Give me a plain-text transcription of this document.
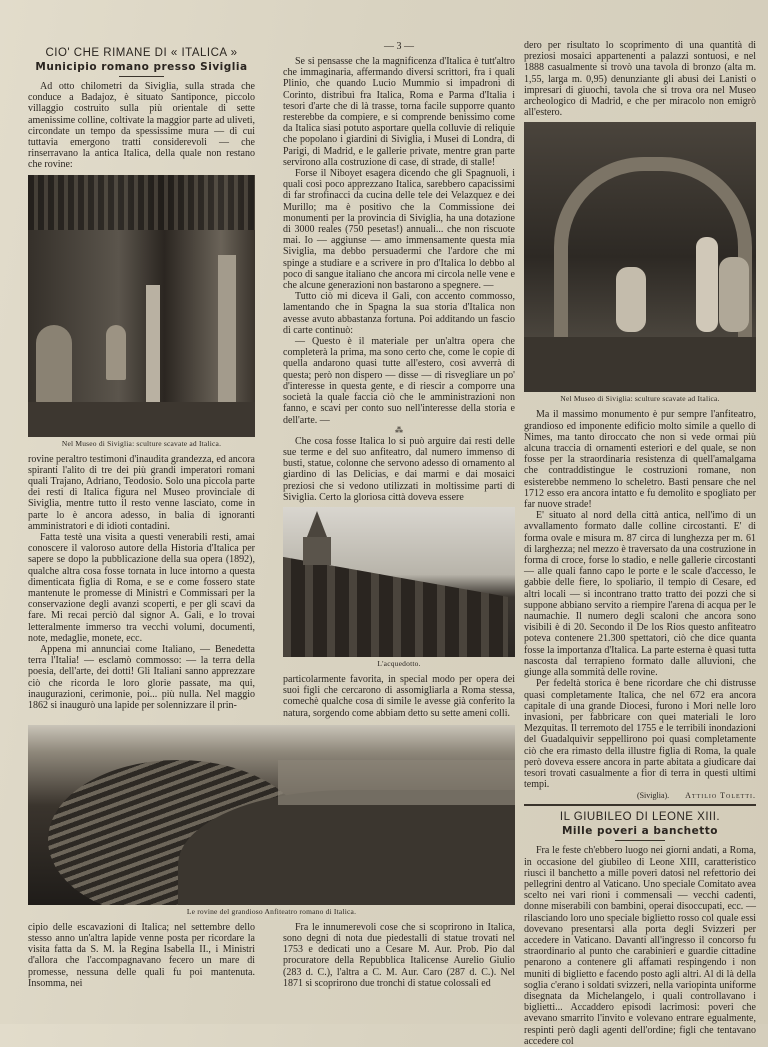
CIO' CHE RIMANE DI « ITALICA »
Municipio romano presso Siviglia

Ad otto chilometri da Siviglia, sulla strada che conduce a Badajoz, è situato Santiponce, piccolo villaggio costruito sulla più orientale di sette amenissime colline, coltivate la maggior parte ad uliveti, circondate un tempo da spessissime mura — di cui tuttavia emergono tratti considerevoli — che rinserravano la antica Italica, della quale non restano che rovine:

Nel Museo di Siviglia: sculture scavate ad Italica.

rovine peraltro testimoni d'inaudita grandezza, ed ancora spiranti l'alito di tre dei più grandi imperatori romani quali Trajano, Adriano, Teodosio. Solo una piccola parte dei resti di Italica figura nel Museo provinciale di Siviglia, mentre tutto il resto venne lasciato, come in parte lo è ancora adesso, in balia di ignoranti amministratori e di idioti contadini.

Fatta testè una visita a questi venerabili resti, amai conoscere il valoroso autore della Historia d'Italica per sapere se dopo la pubblicazione della sua opera (1892), qualche altra cosa fosse tornata in luce intorno a questa dimenticata figlia di Roma, e se e come fossero state mantenute le promesse di Ministri e Commissari per la conservazione degli avanzi scoperti, e per gli scavi da fare. Mi recai perciò dal signor A. Gali, e lo trovai letteralmente immerso tra vecchi volumi, documenti, note, medaglie, monete, ecc.

Appena mi annunciai come Italiano, — Benedetta terra l'Italia! — esclamò commosso: — la terra della poesia, dell'arte, dei dotti! Gli Italiani sanno apprezzare ciò che ricorda le loro glorie passate, ma qui, inaugurazioni, cerimonie, poi... più nulla. Nel maggio 1862 si inaugurò una lapide per solennizzare il prin-

— 3 —

Se si pensasse che la magnificenza d'Italica è tutt'altro che immaginaria, affermando diversi scrittori, fra i quali Plinio, che quando Lucio Mummio si impadronì di Corinto, distribuì fra Italica, Roma e Parma d'Italia i tesori d'arte che di là trasse, torna facile supporre quanto resterebbe da compiere, e si comprende benissimo come da Italica siasi potuto asportare quella colluvie di reliquie che popolano i giardini di Siviglia, i Musei di Londra, di Parigi, di Madrid, e le gallerie private, mentre gran parte servirono alla costruzione di case, di strade, di stalle!

Forse il Niboyet esagera dicendo che gli Spagnuoli, i quali così poco apprezzano Italica, sarebbero capacissimi di far strofinacci da cucina delle tele dei Velazquez e dei Murillo; ma è positivo che la Commissione dei monumenti per la provincia di Siviglia, ha una dotazione di 3000 reales (750 pesetas!) annuali... che non riscuote mai. Io — aggiunse — amo immensamente questa mia Siviglia, ma debbo persuadermi che l'ardore che mi spinge a studiare e a scrivere in pro d'Italica lo debbo al poco di sangue italiano che ancora mi circola nelle vene e che alcune generazioni non bastarono a spegnere. —

Tutto ciò mi diceva il Gali, con accento commosso, lamentando che in Spagna la sua storia d'Italica non avesse avuto abbastanza fortuna. Poi additando un fascio di carte continuò:

— Questo è il materiale per un'altra opera che completerà la prima, ma sono certo che, come le copie di quella andarono quasi tutte all'estero, così avverrà di questa; però non dispero — disse — di risvegliare un po' d'interesse in questa gente, e di riescir a comporre una società la quale faccia ciò che le amministrazioni non fanno, e scavi per conto suo nell'interesse della storia e dell'arte. —

⁂

Che cosa fosse Italica lo si può arguire dai resti delle sue terme e del suo anfiteatro, dal numero immenso di busti, statue, colonne che servono adesso di ornamento al giardino di las Delicias, e dai marmi e dai mosaici preziosi che si vedono utilizzati in moltissime parti di Siviglia. Certo la gloriosa città doveva essere

L'acquedotto.

particolarmente favorita, in special modo per opera dei suoi figli che cercarono di assomigliarla a Roma stessa, comechè qualche cosa di simile le avesse già conferito la natura, sorgendo come abbiam detto su sette ameni colli.

Le rovine del grandioso Anfiteatro romano di Italica.

cipio delle escavazioni di Italica; nel settembre dello stesso anno un'altra lapide venne posta per ricordare la visita fatta da S. M. la Regina Isabella II., i Ministri d'allora che l'accompagnavano fecero un mare di promesse, nessuna delle quali fu poi mantenuta. Insomma, nei

Fra le innumerevoli cose che si scoprirono in Italica, sono degni di nota due piedestalli di statue trovati nel 1753 e dedicati uno a Cesare M. Aur. Prob. Pio dal procuratore della Repubblica Italicense Aurelio Giulio (283 d. C.), l'altra a C. M. Aur. Caro (287 d. C.). Nel 1871 si scoprirono due tronchi di statue colossali ed

dero per risultato lo scoprimento di una quantità di preziosi mosaici appartenenti a palazzi sontuosi, e nel 1888 casualmente si trovò una tavola di bronzo (alta m. 1,55, larga m. 0,95) denunziante gli abusi dei Lanisti o impresari di giuochi, tavola che si trova ora nel Museo archeologico di Madrid, e che per miracolo non emigrò all'estero.

Nel Museo di Siviglia: sculture scavate ad Italica.

Ma il massimo monumento è pur sempre l'anfiteatro, grandioso ed imponente edificio molto simile a quello di Nimes, ma tanto diroccato che non si vede ormai più alcuna traccia di ornamenti esteriori e del quale, se non fosse per la straordinaria resistenza di quell'amalgama che contraddistingue le costruzioni romane, non esisterebbe nemmeno lo scheletro. Basti pensare che nel 1712 esso era ancora intatto e fu demolito e spogliato per far nuove strade!

E' situato al nord della città antica, nell'imo di un avvallamento formato dalle colline circostanti. E' di forma ovale e misura m. 87 circa di lunghezza per m. 61 di larghezza; nel mezzo è traversato da una costruzione in forma di croce, forse lo stadio, e nelle gallerie circostanti — alle quali fanno capo le porte e le scale d'accesso, le gabbie delle fiere, lo spoliario, il tempio di Cesare, ed altri locali — si incontrano tratto tratto dei pozzi che si suppone abbiano servito a riempire l'arena di acqua per le naumachie. Il numero degli scaloni che ancora sono visibili è di 20. Secondo il De los Rios questo anfiteatro poteva contenere 21.300 spettatori, ciò che dice quanta fosse la importanza d'Italica. La parte esterna è quasi tutta nascosta dal terrapieno formato dalle alluvioni, che giunge alla sommità delle rovine.

Per fedeltà storica è bene ricordare che chi distrusse quasi completamente Italica, che nel 672 era ancora capitale di una grande Diocesi, furono i Mori nelle loro invasioni, per fabbricare con quei materiali le loro Mezquitas. Il terremoto del 1755 e le terribili inondazioni del Guadalquivir seppellirono poi quasi completamente ciò che era rimasto della illustre figlia di Roma, la quale però doveva essere ancora in parte abitata a giudicare dai tesori trovati casualmente a fior di terra in questi ultimi tempi.

(Siviglia). Attilio Toletti.
IL GIUBILEO DI LEONE XIII.
Mille poveri a banchetto

Fra le feste ch'ebbero luogo nei giorni andati, a Roma, in occasione del giubileo di Leone XIII, caratteristico riuscì il banchetto a mille poveri datosi nel refettorio dei pellegrini dentro al Vaticano. Uno speciale Comitato avea scelto nei vari rioni i commensali — vecchi cadenti, donne miserabili con bambini, operai disoccupati, ecc. — rilasciando loro uno speciale biglietto rosso col quale essi dovevano presentarsi alla porta degli Svizzeri per accedere in Vaticano. Davanti all'ingresso il concorso fu straordinario al punto che carabinieri e guardie cittadine penarono a contenere gli affamati respingendo i non muniti di biglietto e facendo posto agli altri. Al di là della soglia c'erano i soldati svizzeri, nella variopinta uniforme disegnata da Michelangelo, i quali controllavano i biglietti... Accaddero episodi lacrimosi: poveri che avevano smarrito l'invito e volevano entrare egualmente, respinti però dagli agenti dell'ordine; figli che tentavano accedere col
